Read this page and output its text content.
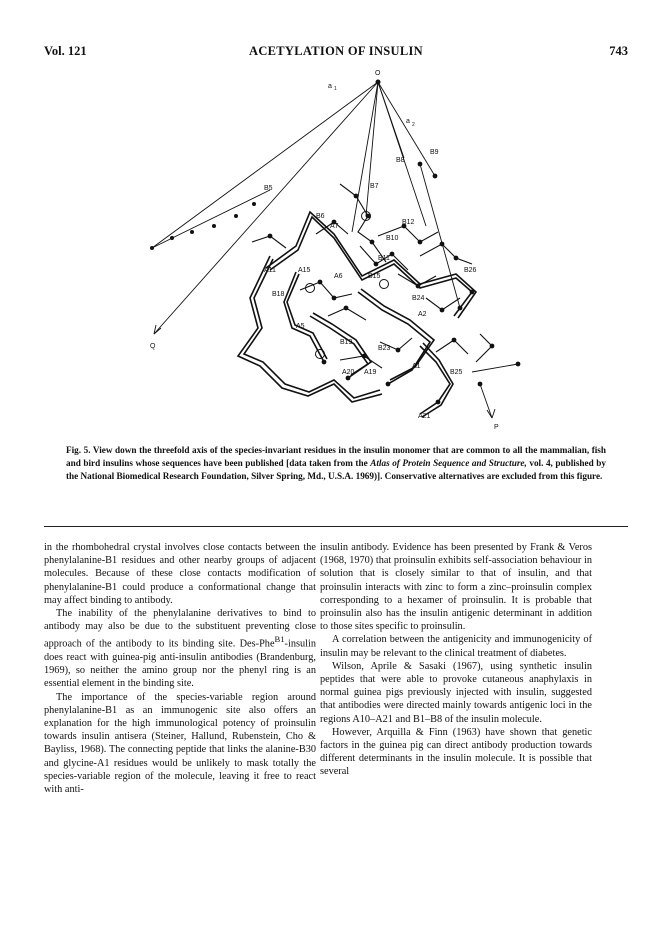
Vol. 121	ACETYLATION OF INSULIN	743
O
a 1
a 2
B9
B8
B5	B7
B6
A7
B12
B10
B11
B26
A11	A15
A6	B15
B18
B24
A2
A5
Q
B19
B23
A1
A20 A19	B25
A21
P
Fig. 5. View down the threefold axis of the species-invariant residues in the insulin monomer that are common to all the mammalian, fish and bird insulins whose sequences have been published [data taken from the Atlas of Protein Sequence and Structure, vol. 4, published by the National Biomedical Research Foundation, Silver Spring, Md., U.S.A. 1969)]. Conservative alternatives are excluded from this figure.

in the rhombohedral crystal involves close contacts between the phenylalanine-B1 residues and other nearby groups of adjacent molecules. Because of these close contacts modification of phenylalanine-B1 could produce a conformational change that may affect binding to antibody.

The inability of the phenylalanine derivatives to bind to antibody may also be due to the substituent preventing close approach of the antibody to its binding site. Des-Phe$^{B1}$-insulin does react with guinea-pig anti-insulin antibodies (Brandenburg, 1969), so neither the amino group nor the phenyl ring is an essential element in the binding site.

The importance of the species-variable region around phenylalanine-B1 as an immunogenic site also offers an explanation for the high immunological potency of proinsulin towards insulin antisera (Steiner, Hallund, Rubenstein, Cho & Bayliss, 1968). The connecting peptide that links the alanine-B30 and glycine-A1 residues would be unlikely to mask totally the species-variable region of the molecule, leaving it free to react with anti-

insulin antibody. Evidence has been presented by Frank & Veros (1968, 1970) that proinsulin exhibits self-association behaviour in solution that is closely similar to that of insulin, and that proinsulin interacts with zinc to form a zinc–proinsulin complex corresponding to a hexamer of proinsulin. It is probable that proinsulin also has the insulin antigenic determinant in addition to those sites specific to proinsulin.

A correlation between the antigenicity and immunogenicity of insulin may be relevant to the clinical treatment of diabetes.

Wilson, Aprile & Sasaki (1967), using synthetic insulin peptides that were able to provoke cutaneous anaphylaxis in normal guinea pigs previously injected with insulin, suggested that antibodies were directed mainly towards antigenic loci in the regions A10–A21 and B1–B8 of the insulin molecule.

However, Arquilla & Finn (1963) have shown that genetic factors in the guinea pig can direct antibody production towards different determinants in the insulin molecule. It is possible that several
